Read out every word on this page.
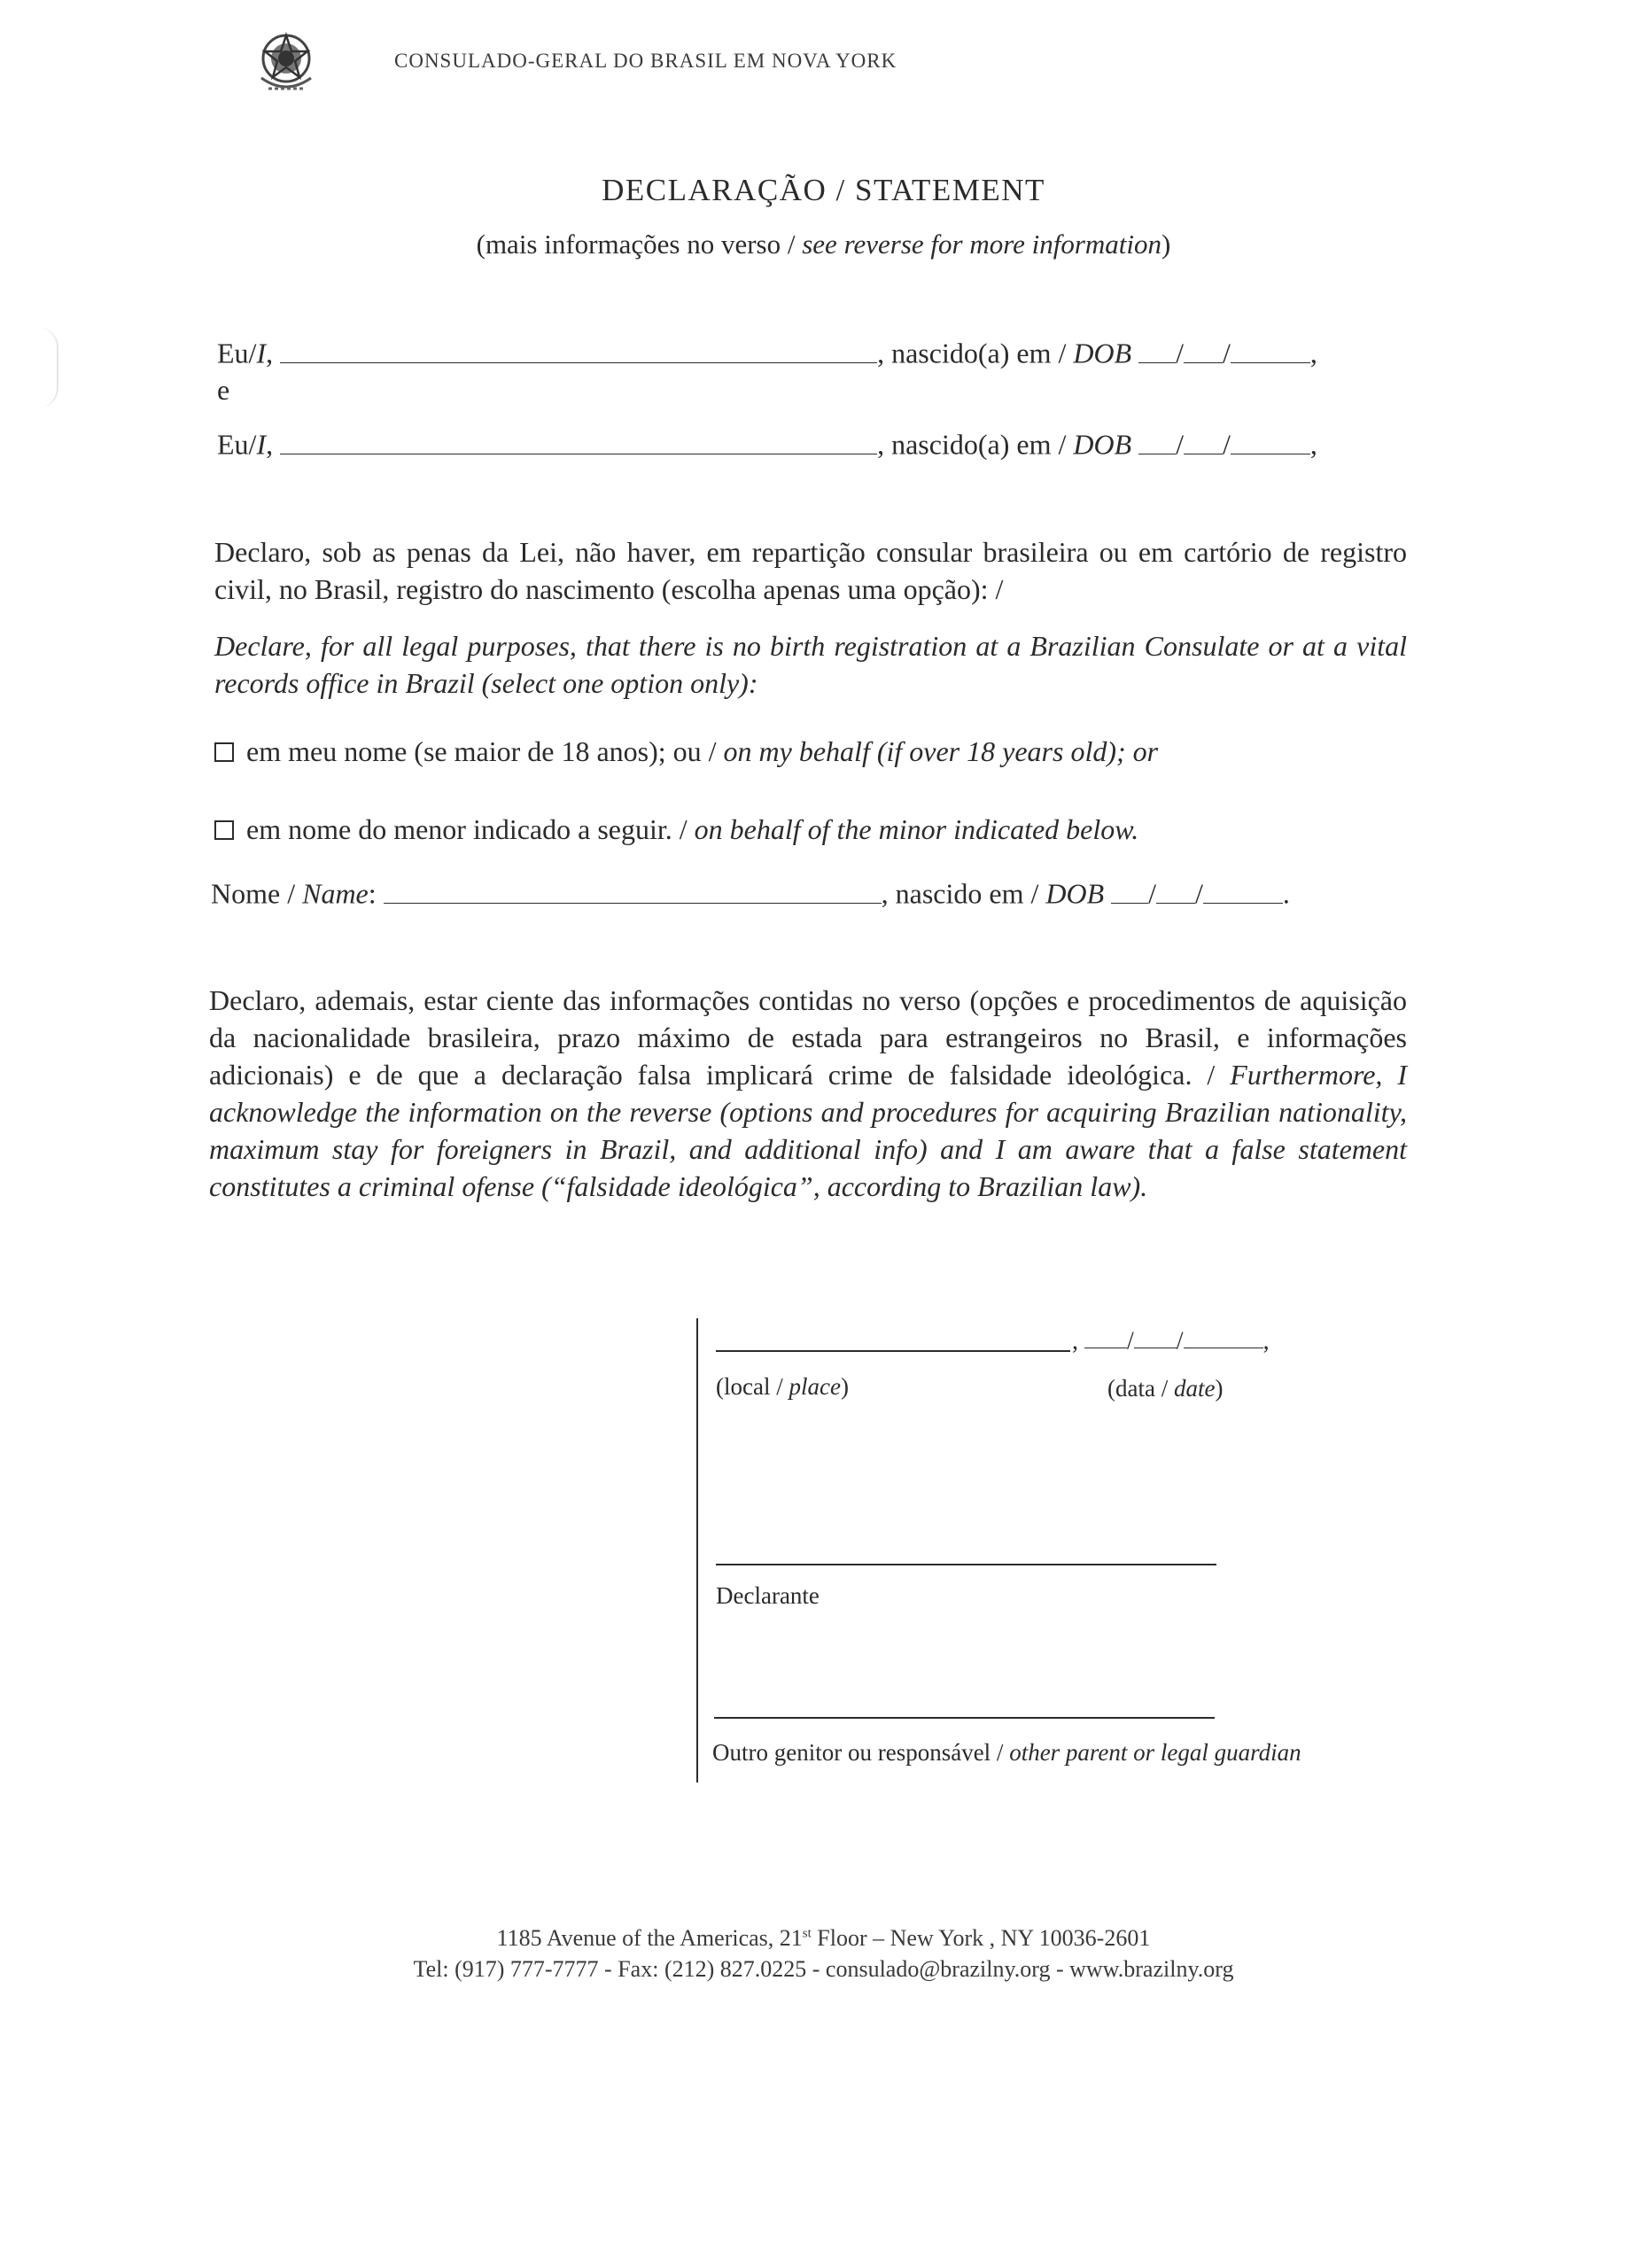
CONSULADO-GERAL DO BRASIL EM NOVA YORK
DECLARAÇÃO / STATEMENT
(mais informações no verso / see reverse for more information)
Eu/I,	, nascido(a) em / DOB / /	,
e
Eu/I,	, nascido(a) em / DOB / /	,
Declaro, sob as penas da Lei, não haver, em repartição consular brasileira ou em cartório de registro civil, no Brasil, registro do nascimento (escolha apenas uma opção): /
Declare, for all legal purposes, that there is no birth registration at a Brazilian Consulate or at a vital records office in Brazil (select one option only):
em meu nome (se maior de 18 anos); ou / on my behalf (if over 18 years old); or
em nome do menor indicado a seguir. / on behalf of the minor indicated below.
Nome / Name:	, nascido em / DOB / /	.
Declaro, ademais, estar ciente das informações contidas no verso (opções e procedimentos de aquisição da nacionalidade brasileira, prazo máximo de estada para estrangeiros no Brasil, e informações adicionais) e de que a declaração falsa implicará crime de falsidade ideológica. / Furthermore, I acknowledge the information on the reverse (options and procedures for acquiring Brazilian nationality, maximum stay for foreigners in Brazil, and additional info) and I am aware that a false statement constitutes a criminal ofense (“falsidade ideológica”, according to Brazilian law).
, / /	,
(local / place)	(data / date)
Declarante
Outro genitor ou responsável / other parent or legal guardian
1185 Avenue of the Americas, 21st Floor – New York , NY 10036-2601
Tel: (917) 777-7777 - Fax: (212) 827.0225 - consulado@brazilny.org - www.brazilny.org
